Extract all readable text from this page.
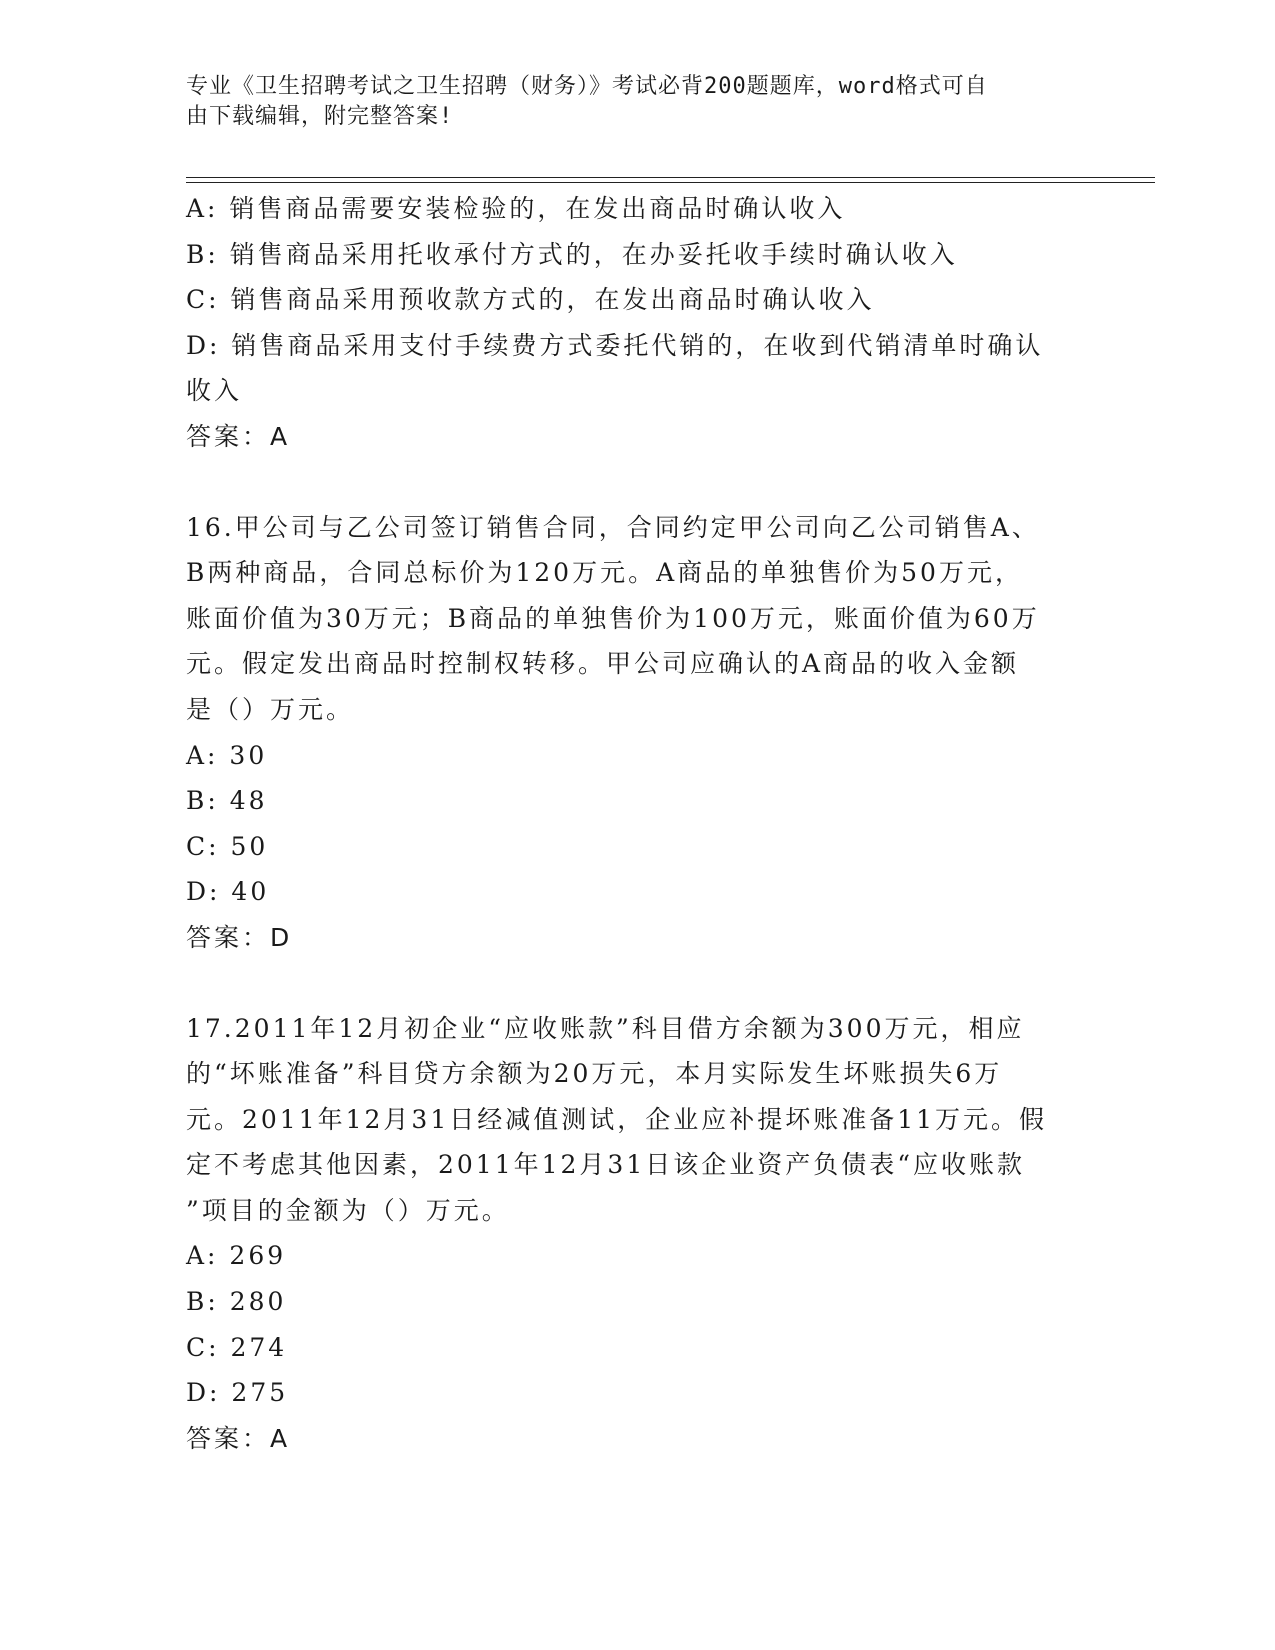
专业《卫生招聘考试之卫生招聘（财务）》考试必背200题题库，word格式可自
由下载编辑，附完整答案!

A: 销售商品需要安装检验的，在发出商品时确认收入

B: 销售商品采用托收承付方式的，在办妥托收手续时确认收入

C: 销售商品采用预收款方式的，在发出商品时确认收入

D: 销售商品采用支付手续费方式委托代销的，在收到代销清单时确认

收入

答案：A

16.甲公司与乙公司签订销售合同，合同约定甲公司向乙公司销售A、

B两种商品，合同总标价为120万元。A商品的单独售价为50万元，

账面价值为30万元；B商品的单独售价为100万元，账面价值为60万

元。假定发出商品时控制权转移。甲公司应确认的A商品的收入金额

是（）万元。

A: 30

B: 48

C: 50

D: 40

答案：D

17.2011年12月初企业“应收账款”科目借方余额为300万元，相应

的“坏账准备”科目贷方余额为20万元，本月实际发生坏账损失6万

元。2011年12月31日经减值测试，企业应补提坏账准备11万元。假

定不考虑其他因素，2011年12月31日该企业资产负债表“应收账款

”项目的金额为（）万元。

A: 269

B: 280

C: 274

D: 275

答案：A
